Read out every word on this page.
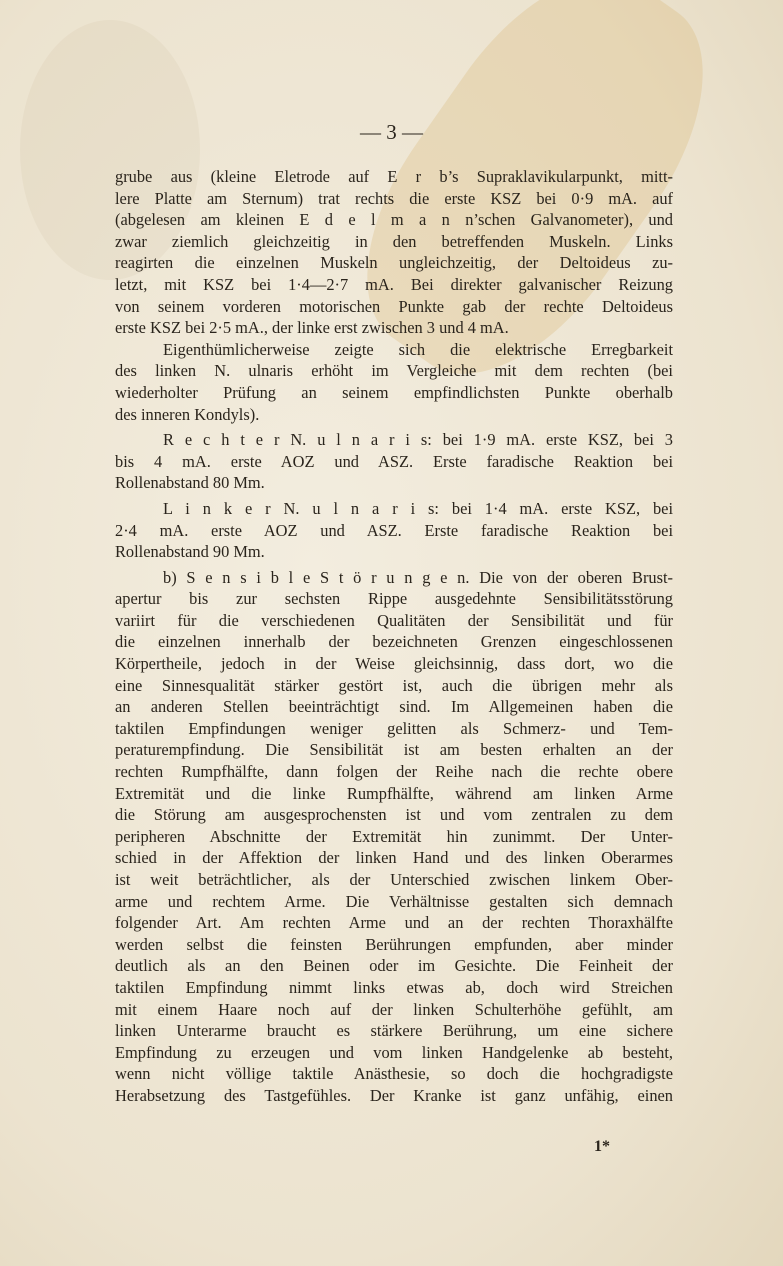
— 3 —
grube aus (kleine Eletrode auf E r b’s Supraklavikularpunkt, mitt-
lere Platte am Sternum) trat rechts die erste KSZ bei 0·9 mA. auf
(abgelesen am kleinen E d e l m a n n’schen Galvanometer), und
zwar ziemlich gleichzeitig in den betreffenden Muskeln. Links
reagirten die einzelnen Muskeln ungleichzeitig, der Deltoideus zu-
letzt, mit KSZ bei 1·4—2·7 mA. Bei direkter galvanischer Reizung
von seinem vorderen motorischen Punkte gab der rechte Deltoideus
erste KSZ bei 2·5 mA., der linke erst zwischen 3 und 4 mA.
Eigenthümlicherweise zeigte sich die elektrische Erregbarkeit
des linken N. ulnaris erhöht im Vergleiche mit dem rechten (bei
wiederholter Prüfung an seinem empfindlichsten Punkte oberhalb
des inneren Kondyls).
R e c h t e r N. u l n a r i s: bei 1·9 mA. erste KSZ, bei 3
bis 4 mA. erste AOZ und ASZ. Erste faradische Reaktion bei
Rollenabstand 80 Mm.
L i n k e r N. u l n a r i s: bei 1·4 mA. erste KSZ, bei
2·4 mA. erste AOZ und ASZ. Erste faradische Reaktion bei
Rollenabstand 90 Mm.
b) S e n s i b l e S t ö r u n g e n. Die von der oberen Brust-
apertur bis zur sechsten Rippe ausgedehnte Sensibilitätsstörung
variirt für die verschiedenen Qualitäten der Sensibilität und für
die einzelnen innerhalb der bezeichneten Grenzen eingeschlossenen
Körpertheile, jedoch in der Weise gleichsinnig, dass dort, wo die
eine Sinnesqualität stärker gestört ist, auch die übrigen mehr als
an anderen Stellen beeinträchtigt sind. Im Allgemeinen haben die
taktilen Empfindungen weniger gelitten als Schmerz- und Tem-
peraturempfindung. Die Sensibilität ist am besten erhalten an der
rechten Rumpfhälfte, dann folgen der Reihe nach die rechte obere
Extremität und die linke Rumpfhälfte, während am linken Arme
die Störung am ausgesprochensten ist und vom zentralen zu dem
peripheren Abschnitte der Extremität hin zunimmt. Der Unter-
schied in der Affektion der linken Hand und des linken Oberarmes
ist weit beträchtlicher, als der Unterschied zwischen linkem Ober-
arme und rechtem Arme. Die Verhältnisse gestalten sich demnach
folgender Art. Am rechten Arme und an der rechten Thoraxhälfte
werden selbst die feinsten Berührungen empfunden, aber minder
deutlich als an den Beinen oder im Gesichte. Die Feinheit der
taktilen Empfindung nimmt links etwas ab, doch wird Streichen
mit einem Haare noch auf der linken Schulterhöhe gefühlt, am
linken Unterarme braucht es stärkere Berührung, um eine sichere
Empfindung zu erzeugen und vom linken Handgelenke ab besteht,
wenn nicht völlige taktile Anästhesie, so doch die hochgradigste
Herabsetzung des Tastgefühles. Der Kranke ist ganz unfähig, einen
1*
